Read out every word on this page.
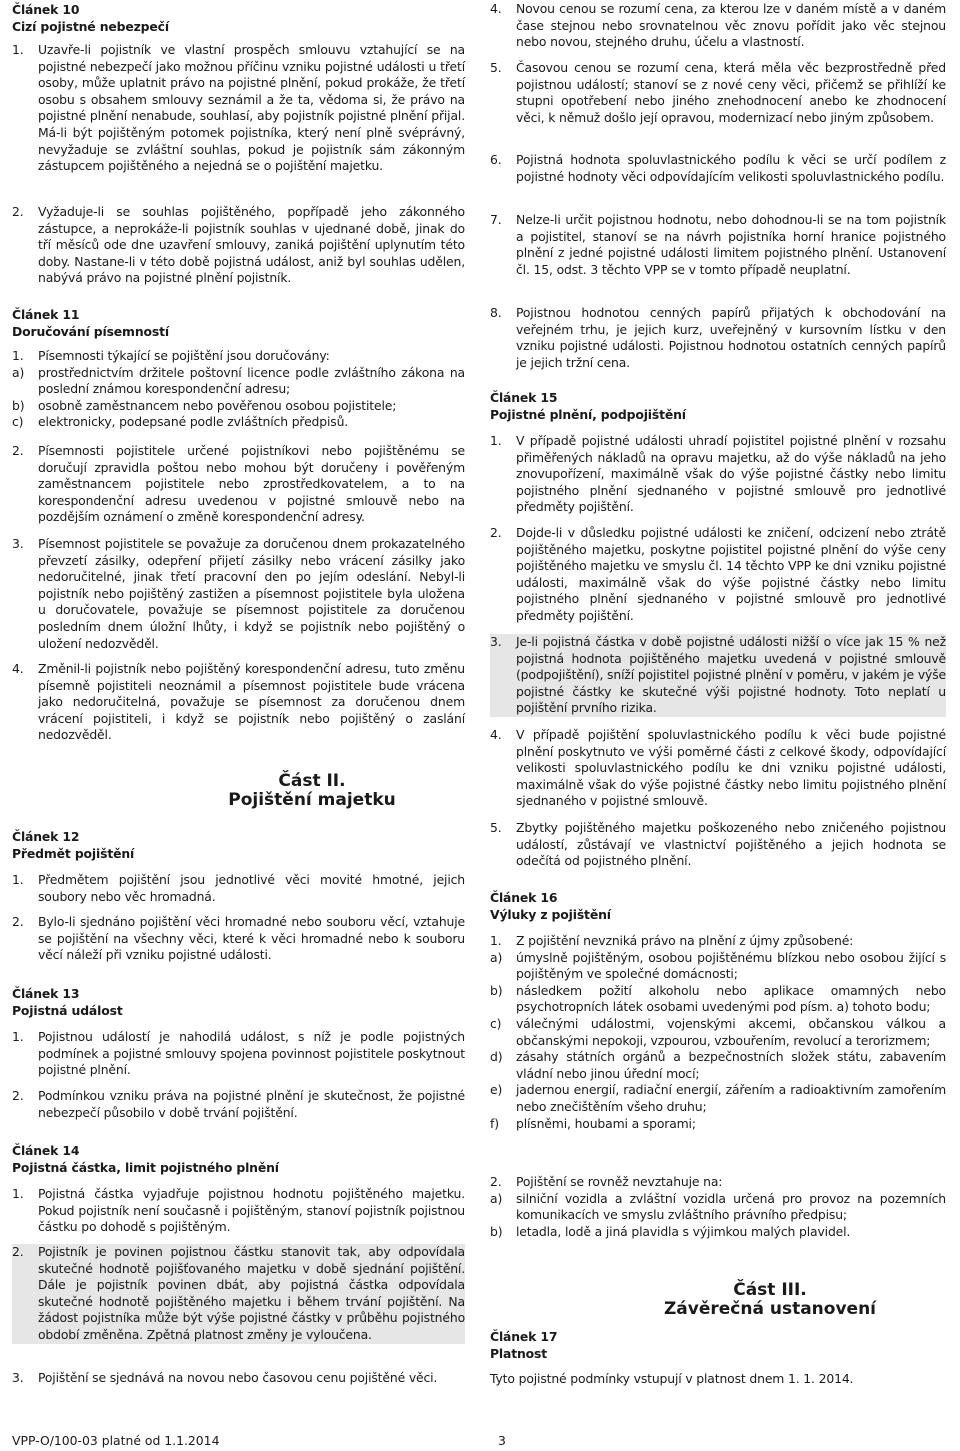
Článek 10
Cizí pojistné nebezpečí
1.	Uzavře-li pojistník ve vlastní prospěch smlouvu vztahující se na pojistné nebezpečí jako možnou příčinu vzniku pojistné události u třetí osoby, může uplatnit právo na pojistné plnění, pokud prokáže, že třetí osobu s obsahem smlouvy seznámil a že ta, vědoma si, že právo na pojistné plnění nenabude, souhlasí, aby pojistník pojistné plnění přijal. Má-li být pojištěným potomek pojistníka, který není plně svéprávný, nevyžaduje se zvláštní souhlas, pokud je pojistník sám zákonným zástupcem pojištěného a nejedná se o pojištění majetku.
2.	Vyžaduje-li se souhlas pojištěného, popřípadě jeho zákonného zástupce, a neprokáže-li pojistník souhlas v ujednané době, jinak do tří měsíců ode dne uzavření smlouvy, zaniká pojištění uplynutím této doby. Nastane-li v této době pojistná událost, aniž byl souhlas udělen, nabývá právo na pojistné plnění pojistník.
Článek 11
Doručování písemností
1.	Písemnosti týkající se pojištění jsou doručovány:
a)	prostřednictvím držitele poštovní licence podle zvláštního zákona na poslední známou korespondenční adresu;
b)	osobně zaměstnancem nebo pověřenou osobou pojistitele;
c)	elektronicky, podepsané podle zvláštních předpisů.
2.	Písemnosti pojistitele určené pojistníkovi nebo pojištěnému se doručují zpravidla poštou nebo mohou být doručeny i pověřeným zaměstnancem pojistitele nebo zprostředkovatelem, a to na korespondenční adresu uvedenou v pojistné smlouvě nebo na pozdějším oznámení o změně korespondenční adresy.
3.	Písemnost pojistitele se považuje za doručenou dnem prokazatelného převzetí zásilky, odepření přijetí zásilky nebo vrácení zásilky jako nedoručitelné, jinak třetí pracovní den po jejím odeslání. Nebyl-li pojistník nebo pojištěný zastižen a písemnost pojistitele byla uložena u doručovatele, považuje se písemnost pojistitele za doručenou posledním dnem úložní lhůty, i když se pojistník nebo pojištěný o uložení nedozvěděl.
4.	Změnil-li pojistník nebo pojištěný korespondenční adresu, tuto změnu písemně pojistiteli neoznámil a písemnost pojistitele bude vrácena jako nedoručitelná, považuje se písemnost za doručenou dnem vrácení pojistiteli, i když se pojistník nebo pojištěný o zaslání nedozvěděl.
Část II.
Pojištění majetku
Článek 12
Předmět pojištění
1.	Předmětem pojištění jsou jednotlivé věci movité hmotné, jejich soubory nebo věc hromadná.
2.	Bylo-li sjednáno pojištění věci hromadné nebo souboru věcí, vztahuje se pojištění na všechny věci, které k věci hromadné nebo k souboru věcí náleží při vzniku pojistné události.
Článek 13
Pojistná událost
1.	Pojistnou událostí je nahodilá událost, s níž je podle pojistných podmínek a pojistné smlouvy spojena povinnost pojistitele poskytnout pojistné plnění.
2.	Podmínkou vzniku práva na pojistné plnění je skutečnost, že pojistné nebezpečí působilo v době trvání pojištění.
Článek 14
Pojistná částka, limit pojistného plnění
1.	Pojistná částka vyjadřuje pojistnou hodnotu pojištěného majetku. Pokud pojistník není současně i pojištěným, stanoví pojistník pojistnou částku po dohodě s pojištěným.
2.	Pojistník je povinen pojistnou částku stanovit tak, aby odpovídala skutečné hodnotě pojišťovaného majetku v době sjednání pojištění. Dále je pojistník povinen dbát, aby pojistná částka odpovídala skutečné hodnotě pojištěného majetku i během trvání pojištění. Na žádost pojistníka může být výše pojistné částky v průběhu pojistného období změněna. Zpětná platnost změny je vyloučena.
3.	Pojištění se sjednává na novou nebo časovou cenu pojištěné věci.
4.	Novou cenou se rozumí cena, za kterou lze v daném místě a v daném čase stejnou nebo srovnatelnou věc znovu pořídit jako věc stejnou nebo novou, stejného druhu, účelu a vlastností.
5.	Časovou cenou se rozumí cena, která měla věc bezprostředně před pojistnou událostí; stanoví se z nové ceny věci, přičemž se přihlíží ke stupni opotřebení nebo jiného znehodnocení anebo ke zhodnocení věci, k němuž došlo její opravou, modernizací nebo jiným způsobem.
6.	Pojistná hodnota spoluvlastnického podílu k věci se určí podílem z pojistné hodnoty věci odpovídajícím velikosti spoluvlastnického podílu.
7.	Nelze-li určit pojistnou hodnotu, nebo dohodnou-li se na tom pojistník a pojistitel, stanoví se na návrh pojistníka horní hranice pojistného plnění z jedné pojistné události limitem pojistného plnění. Ustanovení čl. 15, odst. 3 těchto VPP se v tomto případě neuplatní.
8.	Pojistnou hodnotou cenných papírů přijatých k obchodování na veřejném trhu, je jejich kurz, uveřejněný v kursovním lístku v den vzniku pojistné události. Pojistnou hodnotou ostatních cenných papírů je jejich tržní cena.
Článek 15
Pojistné plnění, podpojištění
1.	V případě pojistné události uhradí pojistitel pojistné plnění v rozsahu přiměřených nákladů na opravu majetku, až do výše nákladů na jeho znovupořízení, maximálně však do výše pojistné částky nebo limitu pojistného plnění sjednaného v pojistné smlouvě pro jednotlivé předměty pojištění.
2.	Dojde-li v důsledku pojistné události ke zničení, odcizení nebo ztrátě pojištěného majetku, poskytne pojistitel pojistné plnění do výše ceny pojištěného majetku ve smyslu čl. 14 těchto VPP ke dni vzniku pojistné události, maximálně však do výše pojistné částky nebo limitu pojistného plnění sjednaného v pojistné smlouvě pro jednotlivé předměty pojištění.
3.	Je-li pojistná částka v době pojistné události nižší o více jak 15 % než pojistná hodnota pojištěného majetku uvedená v pojistné smlouvě (podpojištění), sníží pojistitel pojistné plnění v poměru, v jakém je výše pojistné částky ke skutečné výši pojistné hodnoty. Toto neplatí u pojištění prvního rizika.
4.	V případě pojištění spoluvlastnického podílu k věci bude pojistné plnění poskytnuto ve výši poměrné části z celkové škody, odpovídající velikosti spoluvlastnického podílu ke dni vzniku pojistné události, maximálně však do výše pojistné částky nebo limitu pojistného plnění sjednaného v pojistné smlouvě.
5.	Zbytky pojištěného majetku poškozeného nebo zničeného pojistnou událostí, zůstávají ve vlastnictví pojištěného a jejich hodnota se odečítá od pojistného plnění.
Článek 16
Výluky z pojištění
1.	Z pojištění nevzniká právo na plnění z újmy způsobené:
a)	úmyslně pojištěným, osobou pojištěnému blízkou nebo osobou žijící s pojištěným ve společné domácnosti;
b)	následkem požití alkoholu nebo aplikace omamných nebo psychotropních látek osobami uvedenými pod písm. a) tohoto bodu;
c)	válečnými událostmi, vojenskými akcemi, občanskou válkou a občanskými nepokoji, vzpourou, vzbouřením, revolucí a terorizmem;
d)	zásahy státních orgánů a bezpečnostních složek státu, zabavením vládní nebo jinou úřední mocí;
e)	jadernou energií, radiační energií, zářením a radioaktivním zamořením nebo znečištěním všeho druhu;
f)	plísněmi, houbami a sporami;
2.	Pojištění se rovněž nevztahuje na:
a)	silniční vozidla a zvláštní vozidla určená pro provoz na pozemních komunikacích ve smyslu zvláštního právního předpisu;
b)	letadla, lodě a jiná plavidla s výjimkou malých plavidel.
Část III.
Závěrečná ustanovení
Článek 17
Platnost
Tyto pojistné podmínky vstupují v platnost dnem 1. 1. 2014.
VPP-O/100-03 platné od 1.1.2014	3
